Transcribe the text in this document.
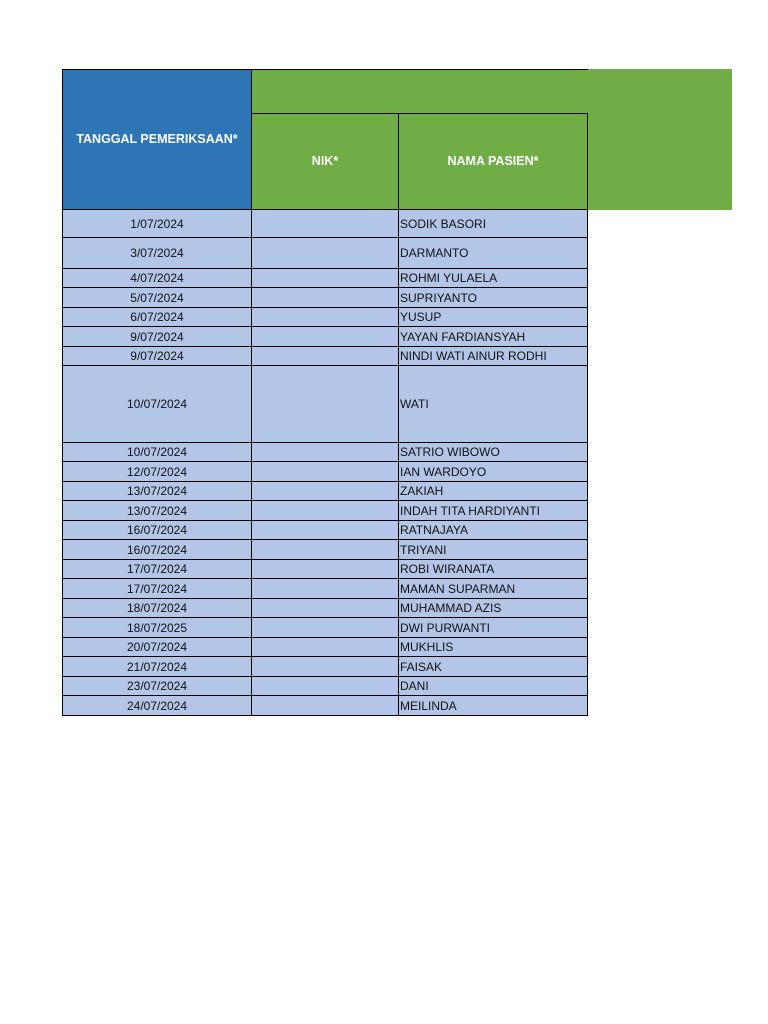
TANGGAL PEMERIKSAAN*		
	NIK*	NAMA PASIEN*
1/07/2024		SODIK BASORI
3/07/2024		DARMANTO
4/07/2024		ROHMI YULAELA
5/07/2024		SUPRIYANTO
6/07/2024		YUSUP
9/07/2024		YAYAN FARDIANSYAH
9/07/2024		NINDI WATI AINUR RODHI
10/07/2024		WATI
10/07/2024		SATRIO WIBOWO
12/07/2024		IAN WARDOYO
13/07/2024		ZAKIAH
13/07/2024		INDAH TITA HARDIYANTI
16/07/2024		RATNAJAYA
16/07/2024		TRIYANI
17/07/2024		ROBI WIRANATA
17/07/2024		MAMAN SUPARMAN
18/07/2024		MUHAMMAD AZIS
18/07/2025		DWI PURWANTI
20/07/2024		MUKHLIS
21/07/2024		FAISAK
23/07/2024		DANI
24/07/2024		MEILINDA
